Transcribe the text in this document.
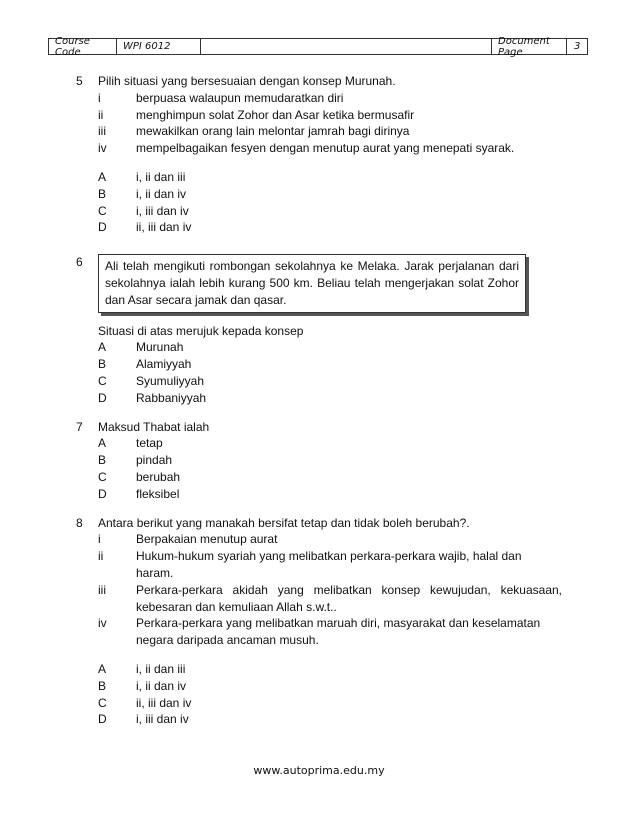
Course Code	WPI 6012	Document Page	3
5	Pilih situasi yang bersesuaian dengan konsep Murunah.
i	berpuasa walaupun memudaratkan diri
ii	menghimpun solat Zohor dan Asar ketika bermusafir
iii	mewakilkan orang lain melontar jamrah bagi dirinya
iv	mempelbagaikan fesyen dengan menutup aurat yang menepati syarak.
A	i, ii dan iii
B	i, ii dan iv
C	i, iii dan iv
D	ii, iii dan iv
6	Ali telah mengikuti rombongan sekolahnya ke Melaka. Jarak perjalanan dari sekolahnya ialah lebih kurang 500 km. Beliau telah mengerjakan solat Zohor dan Asar secara jamak dan qasar.
Situasi di atas merujuk kepada konsep
A	Murunah
B	Alamiyyah
C	Syumuliyyah
D	Rabbaniyyah
7	Maksud Thabat ialah
A	tetap
B	pindah
C	berubah
D	fleksibel
8	Antara berikut yang manakah bersifat tetap dan tidak boleh berubah?.
i	Berpakaian menutup aurat
ii	Hukum-hukum syariah yang melibatkan perkara-perkara wajib, halal dan haram.
iii	Perkara-perkara akidah yang melibatkan konsep kewujudan, kekuasaan, kebesaran dan kemuliaan Allah s.w.t..
iv	Perkara-perkara yang melibatkan maruah diri, masyarakat dan keselamatan negara daripada ancaman musuh.
A	i, ii dan iii
B	i, ii dan iv
C	ii, iii dan iv
D	i, iii dan iv
www.autoprima.edu.my
